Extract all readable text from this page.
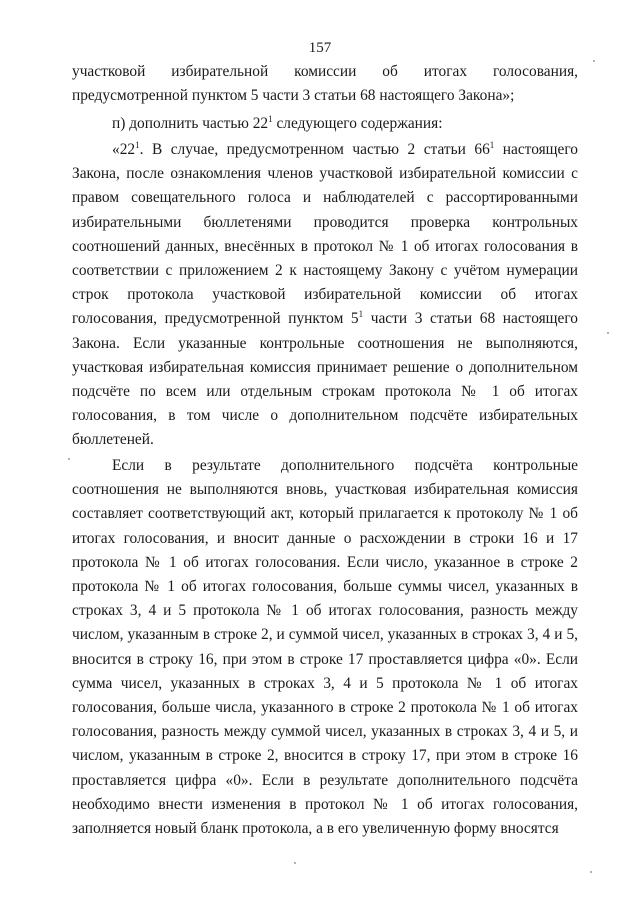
157

участковой избирательной комиссии об итогах голосования, предусмотренной пунктом 5 части 3 статьи 68 настоящего Закона»;

п) дополнить частью $22^1$ следующего содержания:

«$22^1$. В случае, предусмотренном частью 2 статьи $66^1$ настоящего Закона, после ознакомления членов участковой избирательной комиссии с правом совещательного голоса и наблюдателей с рассортированными избирательными бюллетенями проводится проверка контрольных соотношений данных, внесённых в протокол № 1 об итогах голосования в соответствии с приложением 2 к настоящему Закону с учётом нумерации строк протокола участковой избирательной комиссии об итогах голосования, предусмотренной пунктом $5^1$ части 3 статьи 68 настоящего Закона. Если указанные контрольные соотношения не выполняются, участковая избирательная комиссия принимает решение о дополнительном подсчёте по всем или отдельным строкам протокола № 1 об итогах голосования, в том числе о дополнительном подсчёте избирательных бюллетеней.

Если в результате дополнительного подсчёта контрольные соотношения не выполняются вновь, участковая избирательная комиссия составляет соответствующий акт, который прилагается к протоколу № 1 об итогах голосования, и вносит данные о расхождении в строки 16 и 17 протокола № 1 об итогах голосования. Если число, указанное в строке 2 протокола № 1 об итогах голосования, больше суммы чисел, указанных в строках 3, 4 и 5 протокола № 1 об итогах голосования, разность между числом, указанным в строке 2, и суммой чисел, указанных в строках 3, 4 и 5, вносится в строку 16, при этом в строке 17 проставляется цифра «0». Если сумма чисел, указанных в строках 3, 4 и 5 протокола № 1 об итогах голосования, больше числа, указанного в строке 2 протокола № 1 об итогах голосования, разность между суммой чисел, указанных в строках 3, 4 и 5, и числом, указанным в строке 2, вносится в строку 17, при этом в строке 16 проставляется цифра «0». Если в результате дополнительного подсчёта необходимо внести изменения в протокол № 1 об итогах голосования, заполняется новый бланк протокола, а в его увеличенную форму вносятся
